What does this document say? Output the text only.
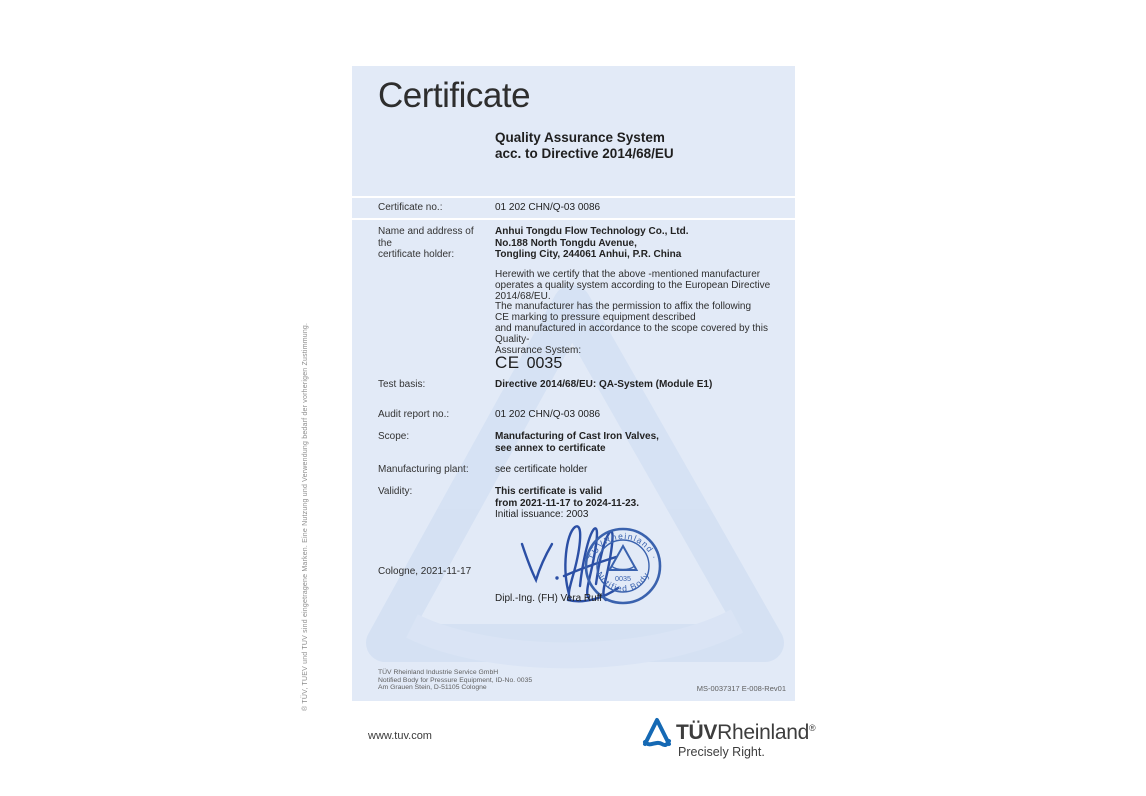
® TÜV, TUEV und TUV sind eingetragene Marken. Eine Nutzung und Verwendung bedarf der vorherigen Zustimmung.
Certificate
Quality Assurance System
acc. to Directive 2014/68/EU
Certificate no.:	01 202 CHN/Q-03 0086
Name and address of the
certificate holder:
Anhui Tongdu Flow Technology Co., Ltd.
No.188 North Tongdu Avenue,
Tongling City, 244061 Anhui, P.R. China
Herewith we certify that the above -mentioned manufacturer
operates a quality system according to the European Directive
2014/68/EU.
The manufacturer has the permission to affix the following
CE marking to pressure equipment described
and manufactured in accordance to the scope covered by this Quality-
Assurance System:
CE 0035
Test basis:	Directive 2014/68/EU: QA-System (Module E1)
Audit report no.:	01 202 CHN/Q-03 0086
Scope:	Manufacturing of Cast Iron Valves,
see annex to certificate
Manufacturing plant:	see certificate holder
Validity:	This certificate is valid
from 2021-11-17 to 2024-11-23.
Initial issuance: 2003
TÜVRheinland ·
Notified Body
0035
Cologne, 2021-11-17
Dipl.-Ing. (FH) Vera Ruff
TÜV Rheinland Industrie Service GmbH
Notified Body for Pressure Equipment, ID-No. 0035
Am Grauen Stein, D-51105 Cologne	MS-0037317 E-008-Rev01
www.tuv.com	TÜVRheinland®
Precisely Right.
